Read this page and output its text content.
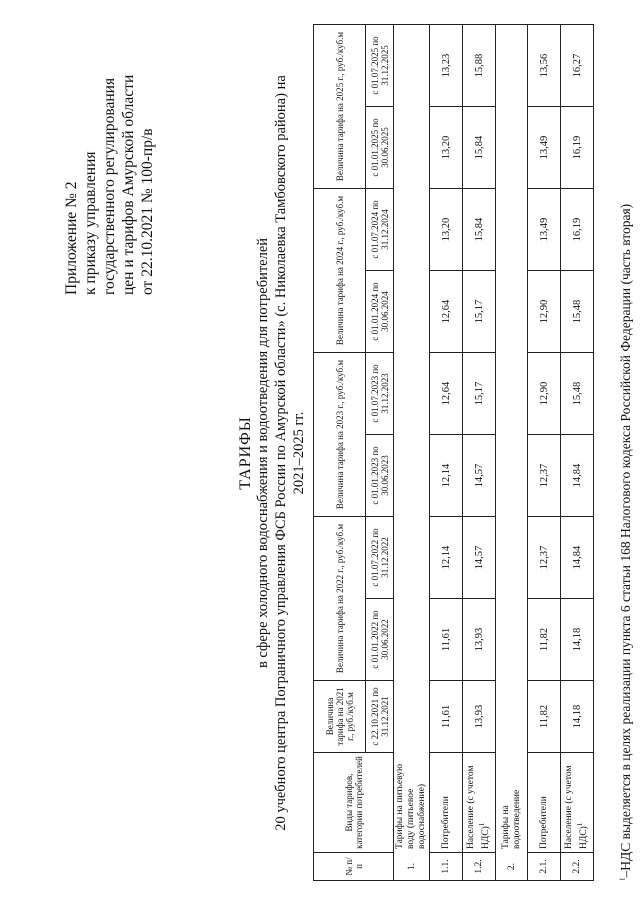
Приложение № 2 к приказу управления государственного регулирования цен и тарифов Амурской области от 22.10.2021 № 100-пр/в
ТАРИФЫ в сфере холодного водоснабжения и водоотведения для потребителей 20 учебного центра Пограничного управления ФСБ России по Амурской области» (с. Николаевка Тамбовского района) на 2021–2025 гг.
№ п/п	Виды тарифов, категории потребителей	Величина тарифа на 2021 г., руб./куб.м	Величина тарифа на 2022 г., руб./куб.м		Величина тарифа на 2023 г., руб./куб.м		Величина тарифа на 2024 г., руб./куб.м		Величина тарифа на 2025 г., руб./куб.м	
		с 22.10.2021 по 31.12.2021	с 01.01.2022 по 30.06.2022	с 01.07.2022 по 31.12.2022	с 01.01.2023 по 30.06.2023	с 01.07.2023 по 31.12.2023	с 01.01.2024 по 30.06.2024	с 01.07.2024 по 31.12.2024	с 01.01.2025 по 30.06.2025	с 01.07.2025 по 31.12.2025
1.	Тарифы на питьевую воду (питьевое водоснабжение)									
1.1.	Потребители	11,61	11,61	12,14	12,14	12,64	12,64	13,20	13,20	13,23
1.2.	Население (с учетом НДС)$^1$	13,93	13,93	14,57	14,57	15,17	15,17	15,84	15,84	15,88
2.	Тарифы на водоотведение									
2.1.	Потребители	11,82	11,82	12,37	12,37	12,90	12,90	13,49	13,49	13,56
2.2.	Население (с учетом НДС)$^1$	14,18	14,18	14,84	14,84	15,48	15,48	16,19	16,19	16,27
$^1$–НДС выделяется в целях реализации пункта 6 статьи 168 Налогового кодекса Российской Федерации (часть вторая)
